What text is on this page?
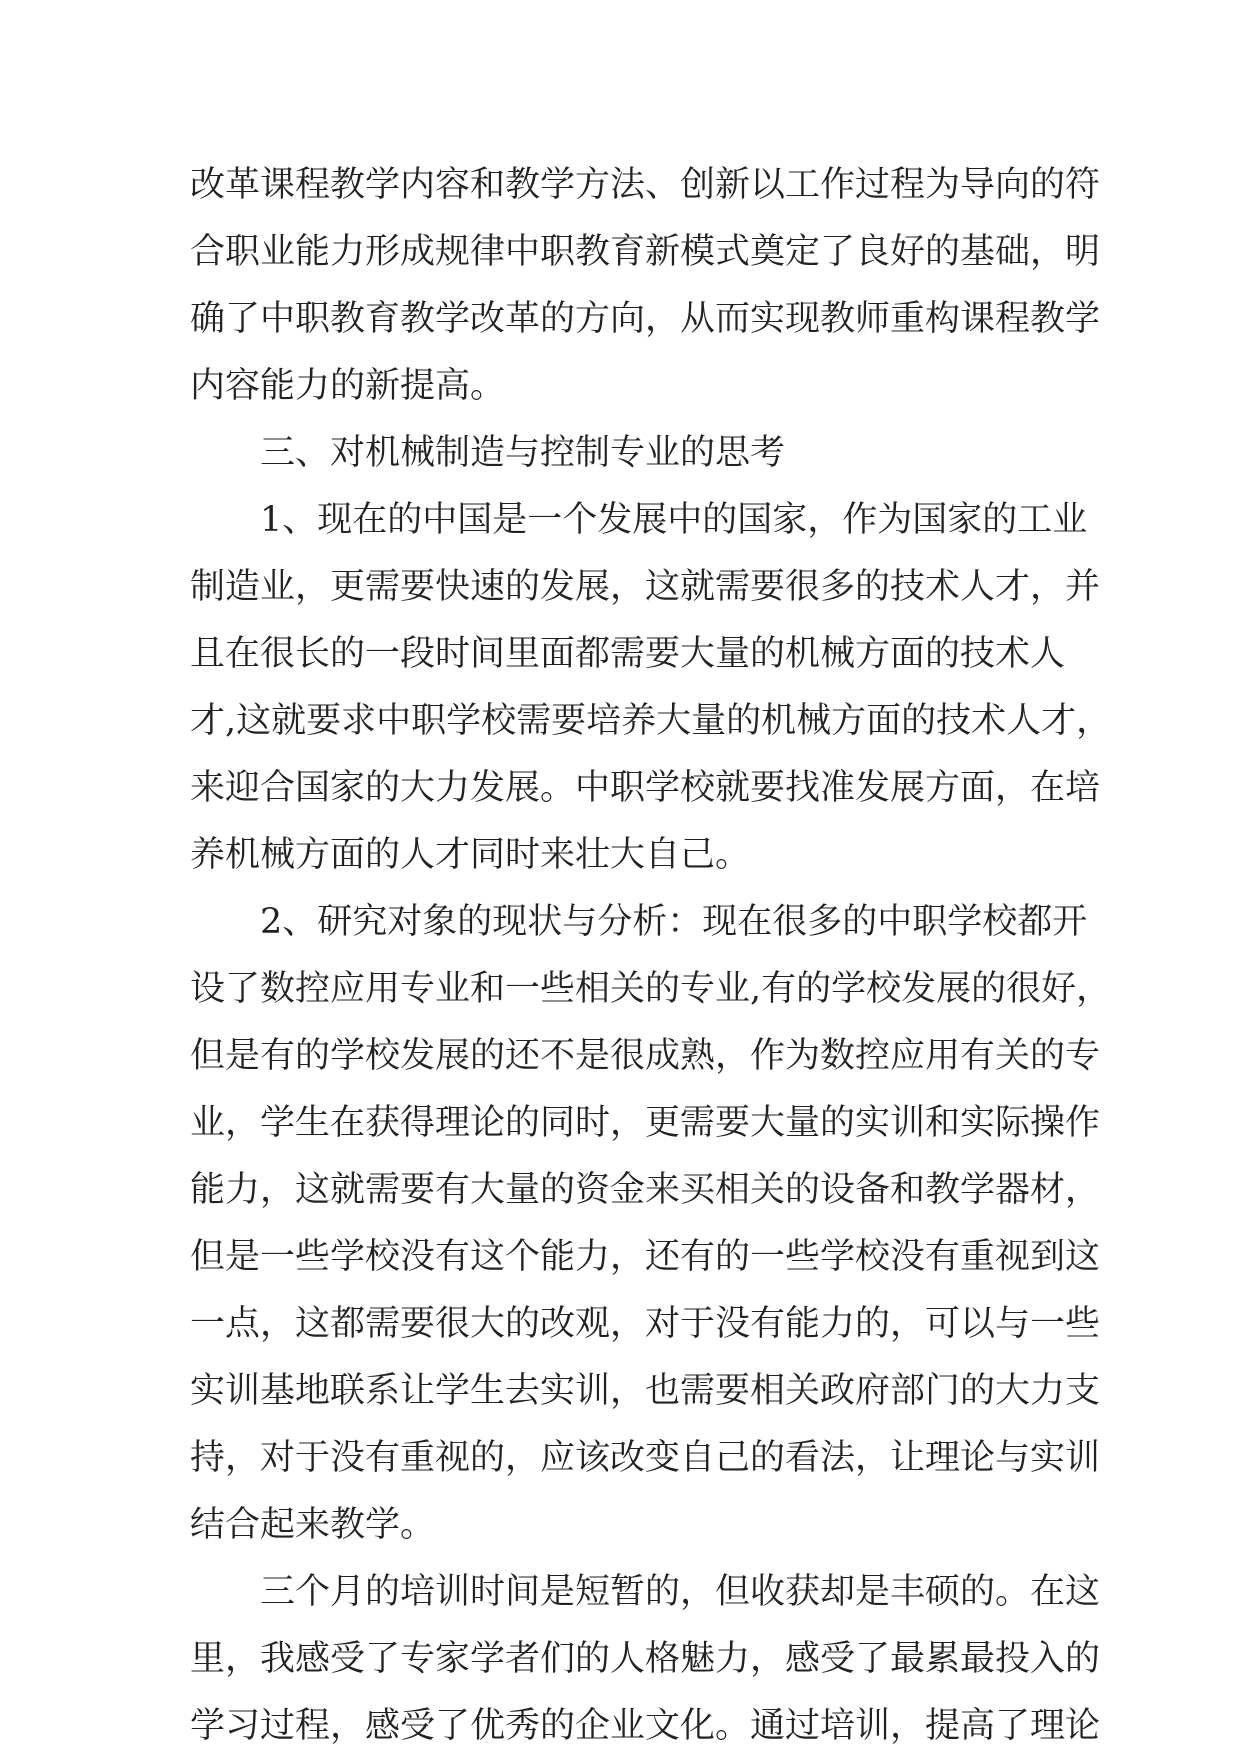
改革课程教学内容和教学方法、创新以工作过程为导向的符
合职业能力形成规律中职教育新模式奠定了良好的基础，明
确了中职教育教学改革的方向，从而实现教师重构课程教学
内容能力的新提高。
三、对机械制造与控制专业的思考
1、现在的中国是一个发展中的国家，作为国家的工业
制造业，更需要快速的发展，这就需要很多的技术人才，并
且在很长的一段时间里面都需要大量的机械方面的技术人
才,这就要求中职学校需要培养大量的机械方面的技术人才，
来迎合国家的大力发展。中职学校就要找准发展方面，在培
养机械方面的人才同时来壮大自己。
2、研究对象的现状与分析：现在很多的中职学校都开
设了数控应用专业和一些相关的专业,有的学校发展的很好，
但是有的学校发展的还不是很成熟，作为数控应用有关的专
业，学生在获得理论的同时，更需要大量的实训和实际操作
能力，这就需要有大量的资金来买相关的设备和教学器材，
但是一些学校没有这个能力，还有的一些学校没有重视到这
一点，这都需要很大的改观，对于没有能力的，可以与一些
实训基地联系让学生去实训，也需要相关政府部门的大力支
持，对于没有重视的，应该改变自己的看法，让理论与实训
结合起来教学。
三个月的培训时间是短暂的，但收获却是丰硕的。在这
里，我感受了专家学者们的人格魅力，感受了最累最投入的
学习过程，感受了优秀的企业文化。通过培训，提高了理论
